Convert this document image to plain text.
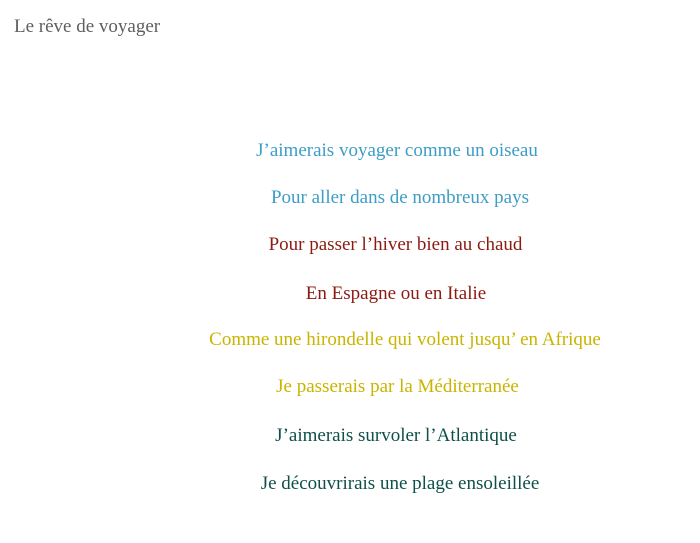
Le rêve de voyager
J’aimerais voyager comme un oiseau
Pour aller dans de nombreux pays
Pour passer l’hiver bien au chaud
En Espagne ou en Italie
Comme une hirondelle qui volent jusqu’ en Afrique
Je passerais par la Méditerranée
J’aimerais survoler l’Atlantique
Je découvrirais une plage ensoleillée
